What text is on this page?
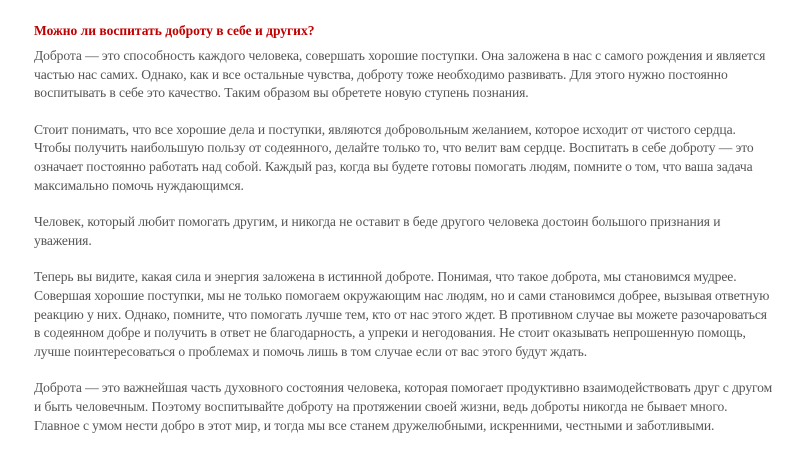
Можно ли воспитать доброту в себе и других?

Доброта — это способность каждого человека, совершать хорошие поступки. Она заложена в нас с самого рождения и является частью нас самих. Однако, как и все остальные чувства, доброту тоже необходимо развивать. Для этого нужно постоянно воспитывать в себе это качество. Таким образом вы обретете новую ступень познания.

Стоит понимать, что все хорошие дела и поступки, являются добровольным желанием, которое исходит от чистого сердца. Чтобы получить наибольшую пользу от содеянного, делайте только то, что велит вам сердце. Воспитать в себе доброту — это означает постоянно работать над собой. Каждый раз, когда вы будете готовы помогать людям, помните о том, что ваша задача максимально помочь нуждающимся.

Человек, который любит помогать другим, и никогда не оставит в беде другого человека достоин большого признания и уважения.

Теперь вы видите, какая сила и энергия заложена в истинной доброте. Понимая, что такое доброта, мы становимся мудрее. Совершая хорошие поступки, мы не только помогаем окружающим нас людям, но и сами становимся добрее, вызывая ответную реакцию у них. Однако, помните, что помогать лучше тем, кто от нас этого ждет. В противном случае вы можете разочароваться в содеянном добре и получить в ответ не благодарность, а упреки и негодования. Не стоит оказывать непрошенную помощь, лучше поинтересоваться о проблемах и помочь лишь в том случае если от вас этого будут ждать.

Доброта — это важнейшая часть духовного состояния человека, которая помогает продуктивно взаимодействовать друг с другом и быть человечным. Поэтому воспитывайте доброту на протяжении своей жизни, ведь доброты никогда не бывает много. Главное с умом нести добро в этот мир, и тогда мы все станем дружелюбными, искренними, честными и заботливыми.
